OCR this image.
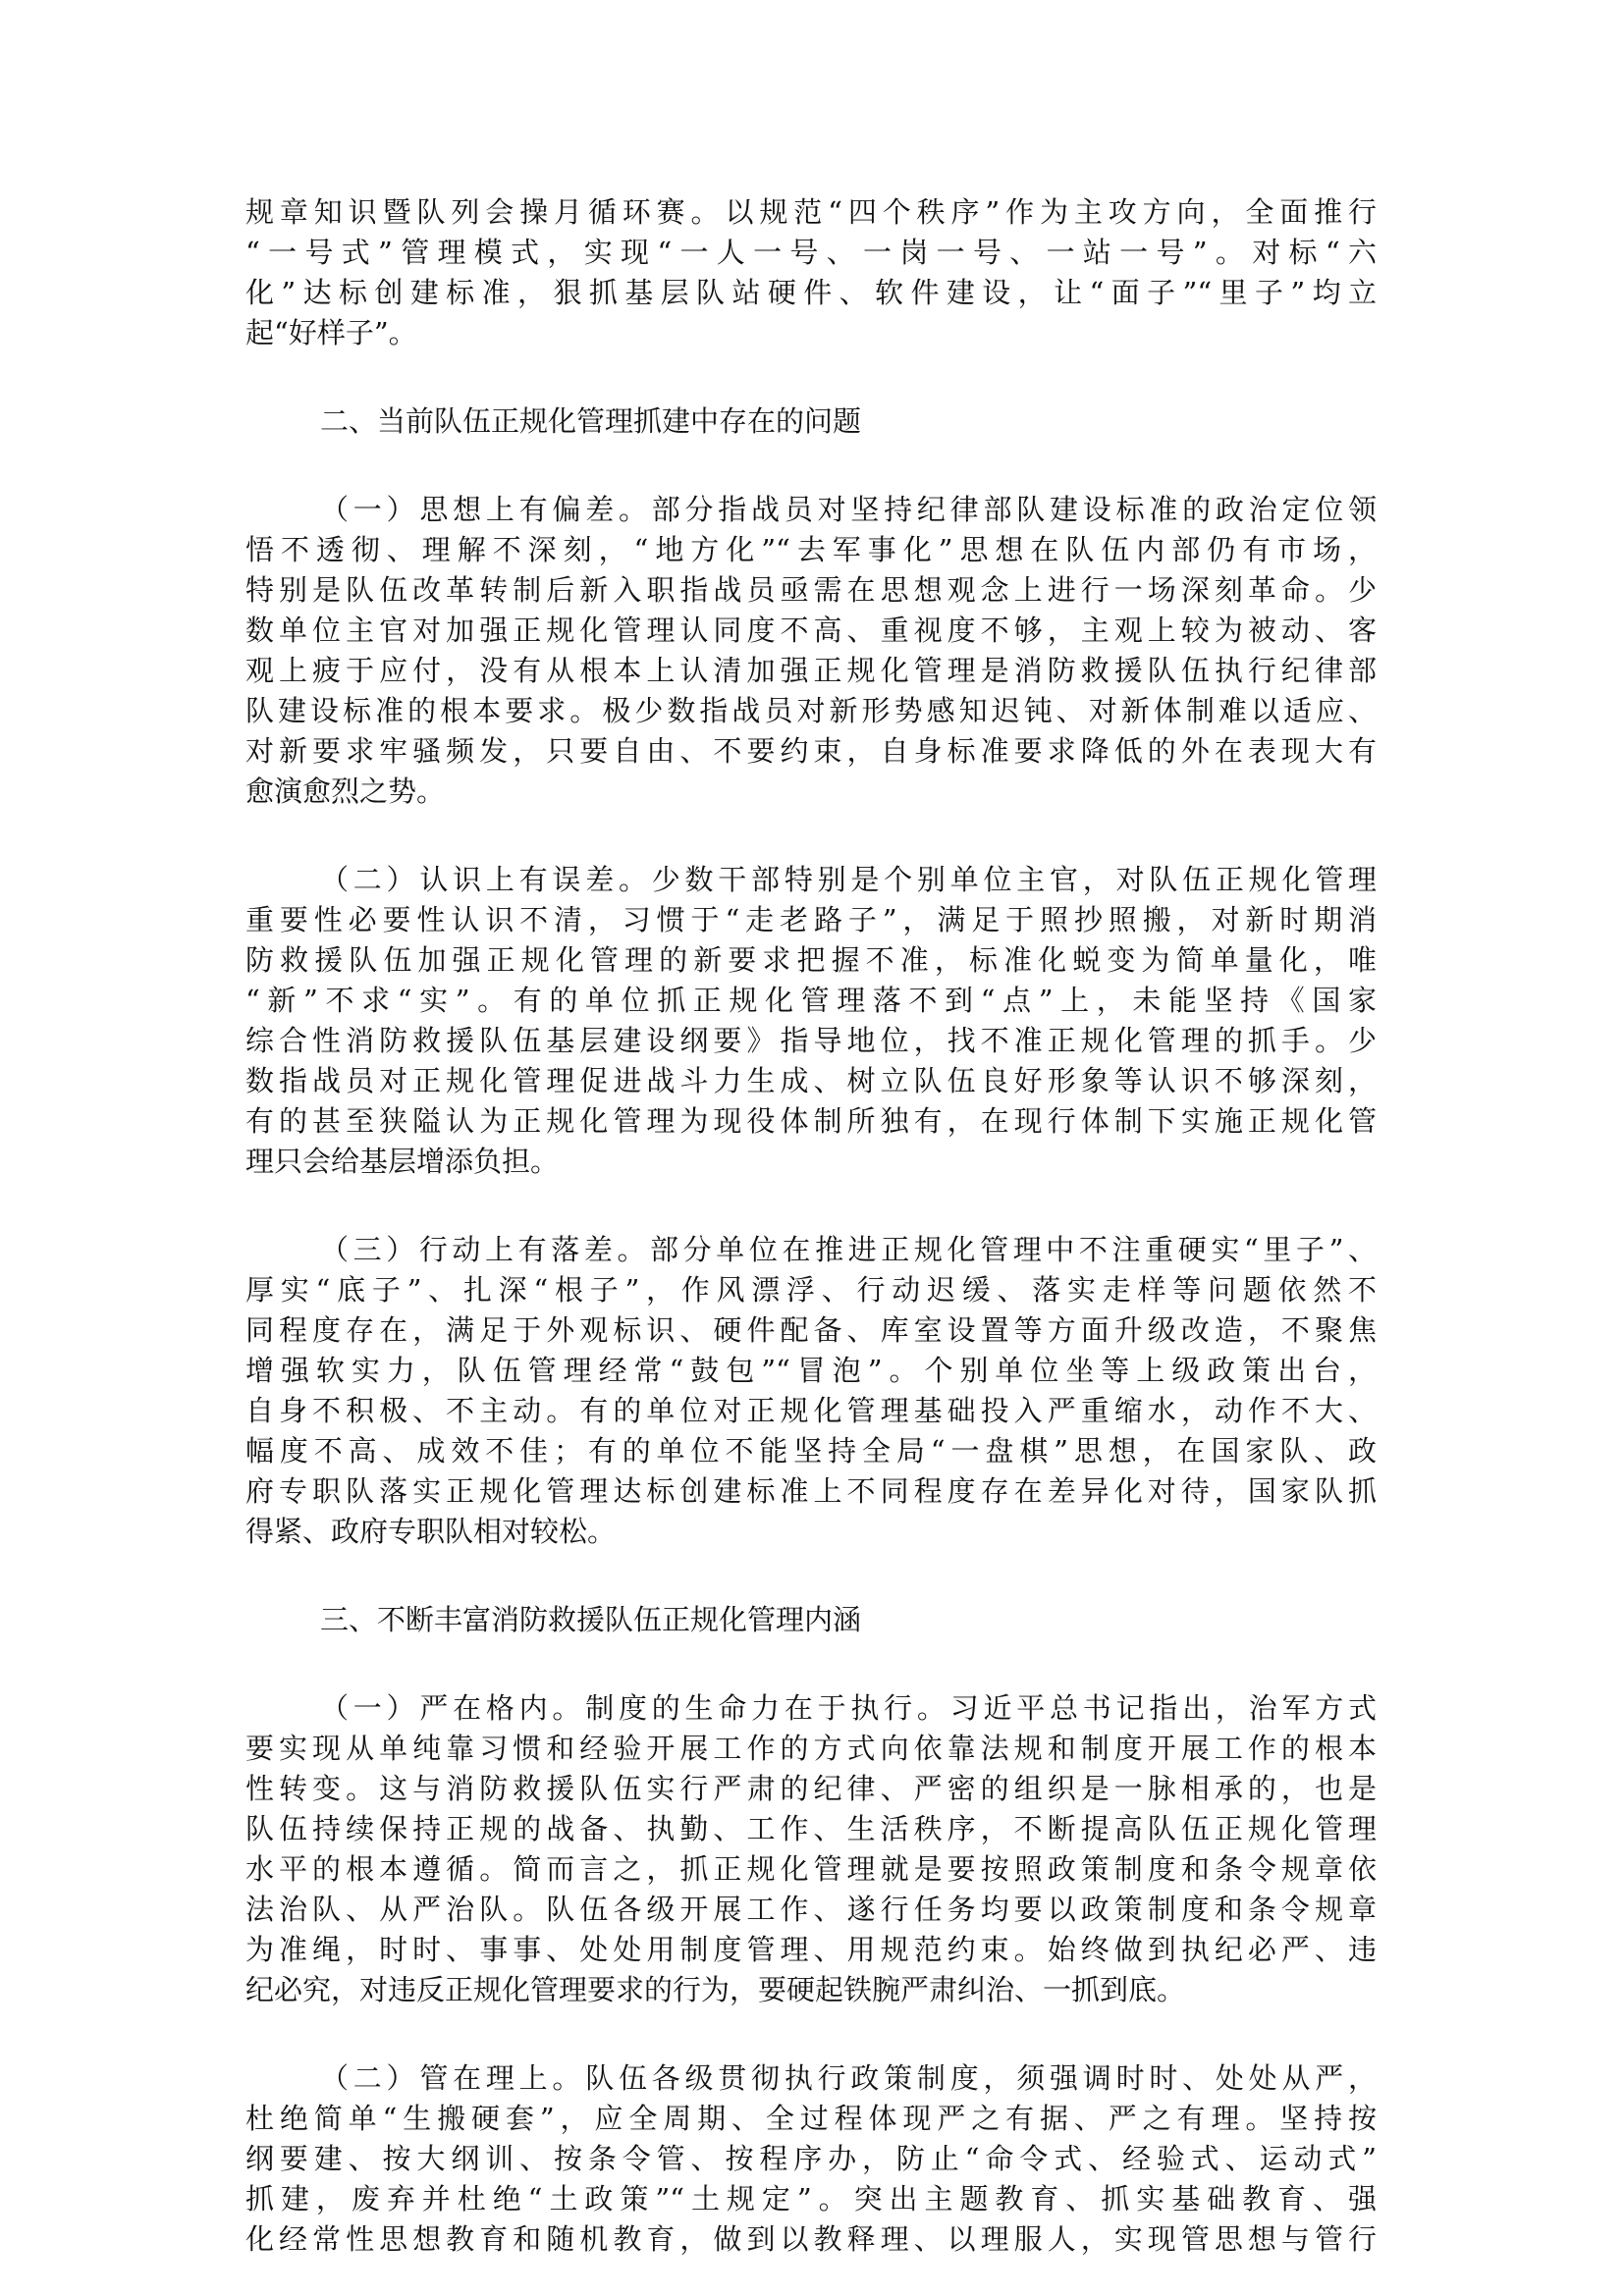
规章知识暨队列会操月循环赛。以规范“四个秩序”作为主攻方向，全面推行
“一号式”管理模式，实现“一人一号、一岗一号、一站一号”。对标“六
化”达标创建标准，狠抓基层队站硬件、软件建设，让“面子”“里子”均立
起“好样子”。
二、当前队伍正规化管理抓建中存在的问题
（一）思想上有偏差。部分指战员对坚持纪律部队建设标准的政治定位领
悟不透彻、理解不深刻，“地方化”“去军事化”思想在队伍内部仍有市场，
特别是队伍改革转制后新入职指战员亟需在思想观念上进行一场深刻革命。少
数单位主官对加强正规化管理认同度不高、重视度不够，主观上较为被动、客
观上疲于应付，没有从根本上认清加强正规化管理是消防救援队伍执行纪律部
队建设标准的根本要求。极少数指战员对新形势感知迟钝、对新体制难以适应、
对新要求牢骚频发，只要自由、不要约束，自身标准要求降低的外在表现大有
愈演愈烈之势。
（二）认识上有误差。少数干部特别是个别单位主官，对队伍正规化管理
重要性必要性认识不清，习惯于“走老路子”，满足于照抄照搬，对新时期消
防救援队伍加强正规化管理的新要求把握不准，标准化蜕变为简单量化，唯
“新”不求“实”。有的单位抓正规化管理落不到“点”上，未能坚持《国家
综合性消防救援队伍基层建设纲要》指导地位，找不准正规化管理的抓手。少
数指战员对正规化管理促进战斗力生成、树立队伍良好形象等认识不够深刻，
有的甚至狭隘认为正规化管理为现役体制所独有，在现行体制下实施正规化管
理只会给基层增添负担。
（三）行动上有落差。部分单位在推进正规化管理中不注重硬实“里子”、
厚实“底子”、扎深“根子”，作风漂浮、行动迟缓、落实走样等问题依然不
同程度存在，满足于外观标识、硬件配备、库室设置等方面升级改造，不聚焦
增强软实力，队伍管理经常“鼓包”“冒泡”。个别单位坐等上级政策出台，
自身不积极、不主动。有的单位对正规化管理基础投入严重缩水，动作不大、
幅度不高、成效不佳；有的单位不能坚持全局“一盘棋”思想，在国家队、政
府专职队落实正规化管理达标创建标准上不同程度存在差异化对待，国家队抓
得紧、政府专职队相对较松。
三、不断丰富消防救援队伍正规化管理内涵
（一）严在格内。制度的生命力在于执行。习近平总书记指出，治军方式
要实现从单纯靠习惯和经验开展工作的方式向依靠法规和制度开展工作的根本
性转变。这与消防救援队伍实行严肃的纪律、严密的组织是一脉相承的，也是
队伍持续保持正规的战备、执勤、工作、生活秩序，不断提高队伍正规化管理
水平的根本遵循。简而言之，抓正规化管理就是要按照政策制度和条令规章依
法治队、从严治队。队伍各级开展工作、遂行任务均要以政策制度和条令规章
为准绳，时时、事事、处处用制度管理、用规范约束。始终做到执纪必严、违
纪必究，对违反正规化管理要求的行为，要硬起铁腕严肃纠治、一抓到底。
（二）管在理上。队伍各级贯彻执行政策制度，须强调时时、处处从严，
杜绝简单“生搬硬套”，应全周期、全过程体现严之有据、严之有理。坚持按
纲要建、按大纲训、按条令管、按程序办，防止“命令式、经验式、运动式”
抓建，废弃并杜绝“土政策”“土规定”。突出主题教育、抓实基础教育、强
化经常性思想教育和随机教育，做到以教释理、以理服人，实现管思想与管行
